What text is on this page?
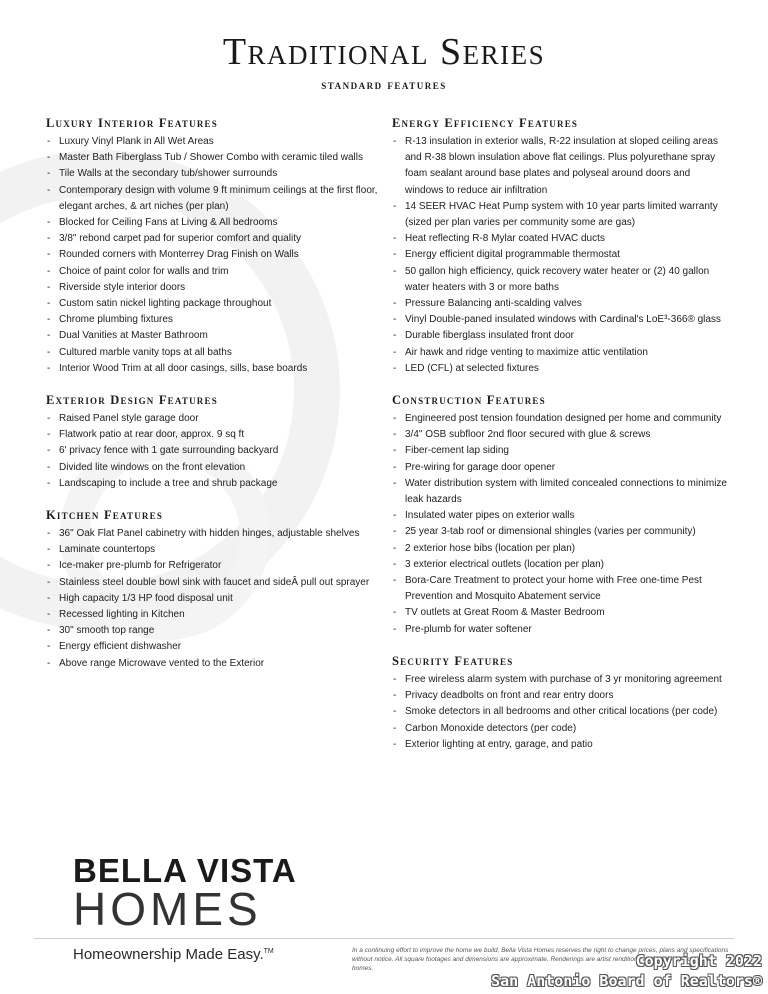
Traditional Series
standard features
Luxury Interior Features
- Luxury Vinyl Plank in All Wet Areas
- Master Bath Fiberglass Tub / Shower Combo with ceramic tiled walls
- Tile Walls at the secondary tub/shower surrounds
- Contemporary design with volume 9 ft minimum ceilings at the first floor, elegant arches, & art niches (per plan)
- Blocked for Ceiling Fans at Living & All bedrooms
- 3/8" rebond carpet pad for superior comfort and quality
- Rounded corners with Monterrey Drag Finish on Walls
- Choice of paint color for walls and trim
- Riverside style interior doors
- Custom satin nickel lighting package throughout
- Chrome plumbing fixtures
- Dual Vanities at Master Bathroom
- Cultured marble vanity tops at all baths
- Interior Wood Trim at all door casings, sills, base boards
Exterior Design Features
- Raised Panel style garage door
- Flatwork patio at rear door, approx. 9 sq ft
- 6' privacy fence with 1 gate surrounding backyard
- Divided lite windows on the front elevation
- Landscaping to include a tree and shrub package
Kitchen Features
- 36" Oak Flat Panel cabinetry with hidden hinges, adjustable shelves
- Laminate countertops
- Ice-maker pre-plumb for Refrigerator
- Stainless steel double bowl sink with faucet and sideÂ pull out sprayer
- High capacity 1/3 HP food disposal unit
- Recessed lighting in Kitchen
- 30" smooth top range
- Energy efficient dishwasher
- Above range Microwave vented to the Exterior
Energy Efficiency Features
- R-13 insulation in exterior walls, R-22 insulation at sloped ceiling areas and R-38 blown insulation above flat ceilings. Plus polyurethane spray foam sealant around base plates and polyseal around doors and windows to reduce air infiltration
- 14 SEER HVAC Heat Pump system with 10 year parts limited warranty (sized per plan varies per community some are gas)
- Heat reflecting R-8 Mylar coated HVAC ducts
- Energy efficient digital programmable thermostat
- 50 gallon high efficiency, quick recovery water heater or (2) 40 gallon water heaters with 3 or more baths
- Pressure Balancing anti-scalding valves
- Vinyl Double-paned insulated windows with Cardinal's LoE³-366® glass
- Durable fiberglass insulated front door
- Air hawk and ridge venting to maximize attic ventilation
- LED (CFL) at selected fixtures
Construction Features
- Engineered post tension foundation designed per home and community
- 3/4" OSB subfloor 2nd floor secured with glue & screws
- Fiber-cement lap siding
- Pre-wiring for garage door opener
- Water distribution system with limited concealed connections to minimize leak hazards
- Insulated water pipes on exterior walls
- 25 year 3-tab roof or dimensional shingles (varies per community)
- 2 exterior hose bibs (location per plan)
- 3 exterior electrical outlets (location per plan)
- Bora-Care Treatment to protect your home with Free one-time Pest Prevention and Mosquito Abatement service
- TV outlets at Great Room & Master Bedroom
- Pre-plumb for water softener
Security Features
- Free wireless alarm system with purchase of 3 yr monitoring agreement
- Privacy deadbolts on front and rear entry doors
- Smoke detectors in all bedrooms and other critical locations (per code)
- Carbon Monoxide detectors (per code)
- Exterior lighting at entry, garage, and patio
BELLA VISTA
HOMES
Homeownership Made Easy.™	In a continuing effort to improve the home we build, Bella Vista Homes reserves the right to change prices, plans and specifications without notice. All square footages and dimensions are approximate. Renderings are artist renditions and may vary from actual homes.	Copyright 2022
San Antonio Board of Realtors®
